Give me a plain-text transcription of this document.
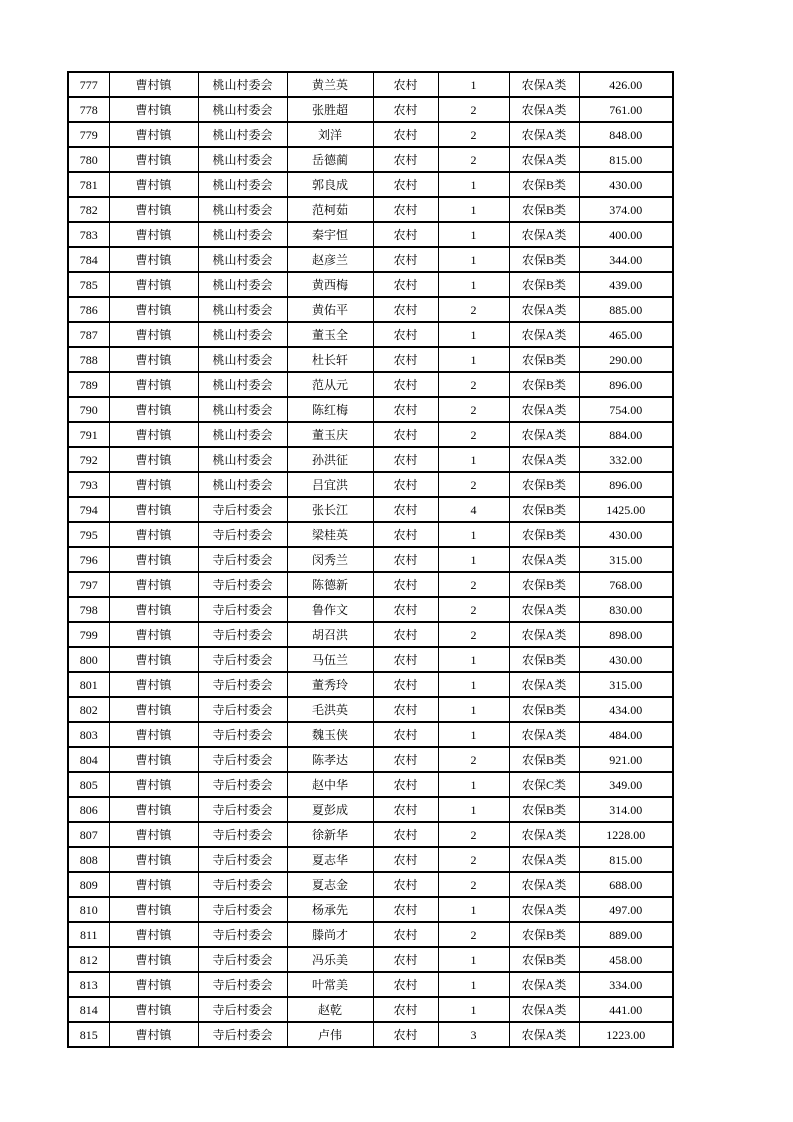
777	曹村镇	桃山村委会	黄兰英	农村	1	农保A类	426.00
778	曹村镇	桃山村委会	张胜超	农村	2	农保A类	761.00
779	曹村镇	桃山村委会	刘洋	农村	2	农保A类	848.00
780	曹村镇	桃山村委会	岳德蔺	农村	2	农保A类	815.00
781	曹村镇	桃山村委会	郭良成	农村	1	农保B类	430.00
782	曹村镇	桃山村委会	范柯茹	农村	1	农保B类	374.00
783	曹村镇	桃山村委会	秦宇恒	农村	1	农保A类	400.00
784	曹村镇	桃山村委会	赵彦兰	农村	1	农保B类	344.00
785	曹村镇	桃山村委会	黄西梅	农村	1	农保B类	439.00
786	曹村镇	桃山村委会	黄佑平	农村	2	农保A类	885.00
787	曹村镇	桃山村委会	董玉全	农村	1	农保A类	465.00
788	曹村镇	桃山村委会	杜长轩	农村	1	农保B类	290.00
789	曹村镇	桃山村委会	范从元	农村	2	农保B类	896.00
790	曹村镇	桃山村委会	陈红梅	农村	2	农保A类	754.00
791	曹村镇	桃山村委会	董玉庆	农村	2	农保A类	884.00
792	曹村镇	桃山村委会	孙洪征	农村	1	农保A类	332.00
793	曹村镇	桃山村委会	吕宜洪	农村	2	农保B类	896.00
794	曹村镇	寺后村委会	张长江	农村	4	农保B类	1425.00
795	曹村镇	寺后村委会	梁桂英	农村	1	农保B类	430.00
796	曹村镇	寺后村委会	闵秀兰	农村	1	农保A类	315.00
797	曹村镇	寺后村委会	陈德新	农村	2	农保B类	768.00
798	曹村镇	寺后村委会	鲁作文	农村	2	农保A类	830.00
799	曹村镇	寺后村委会	胡召洪	农村	2	农保A类	898.00
800	曹村镇	寺后村委会	马伍兰	农村	1	农保B类	430.00
801	曹村镇	寺后村委会	董秀玲	农村	1	农保A类	315.00
802	曹村镇	寺后村委会	毛洪英	农村	1	农保B类	434.00
803	曹村镇	寺后村委会	魏玉侠	农村	1	农保A类	484.00
804	曹村镇	寺后村委会	陈孝达	农村	2	农保B类	921.00
805	曹村镇	寺后村委会	赵中华	农村	1	农保C类	349.00
806	曹村镇	寺后村委会	夏彭成	农村	1	农保B类	314.00
807	曹村镇	寺后村委会	徐新华	农村	2	农保A类	1228.00
808	曹村镇	寺后村委会	夏志华	农村	2	农保A类	815.00
809	曹村镇	寺后村委会	夏志金	农村	2	农保A类	688.00
810	曹村镇	寺后村委会	杨承先	农村	1	农保A类	497.00
811	曹村镇	寺后村委会	滕尚才	农村	2	农保B类	889.00
812	曹村镇	寺后村委会	冯乐美	农村	1	农保B类	458.00
813	曹村镇	寺后村委会	叶常美	农村	1	农保A类	334.00
814	曹村镇	寺后村委会	赵乾	农村	1	农保A类	441.00
815	曹村镇	寺后村委会	卢伟	农村	3	农保A类	1223.00
